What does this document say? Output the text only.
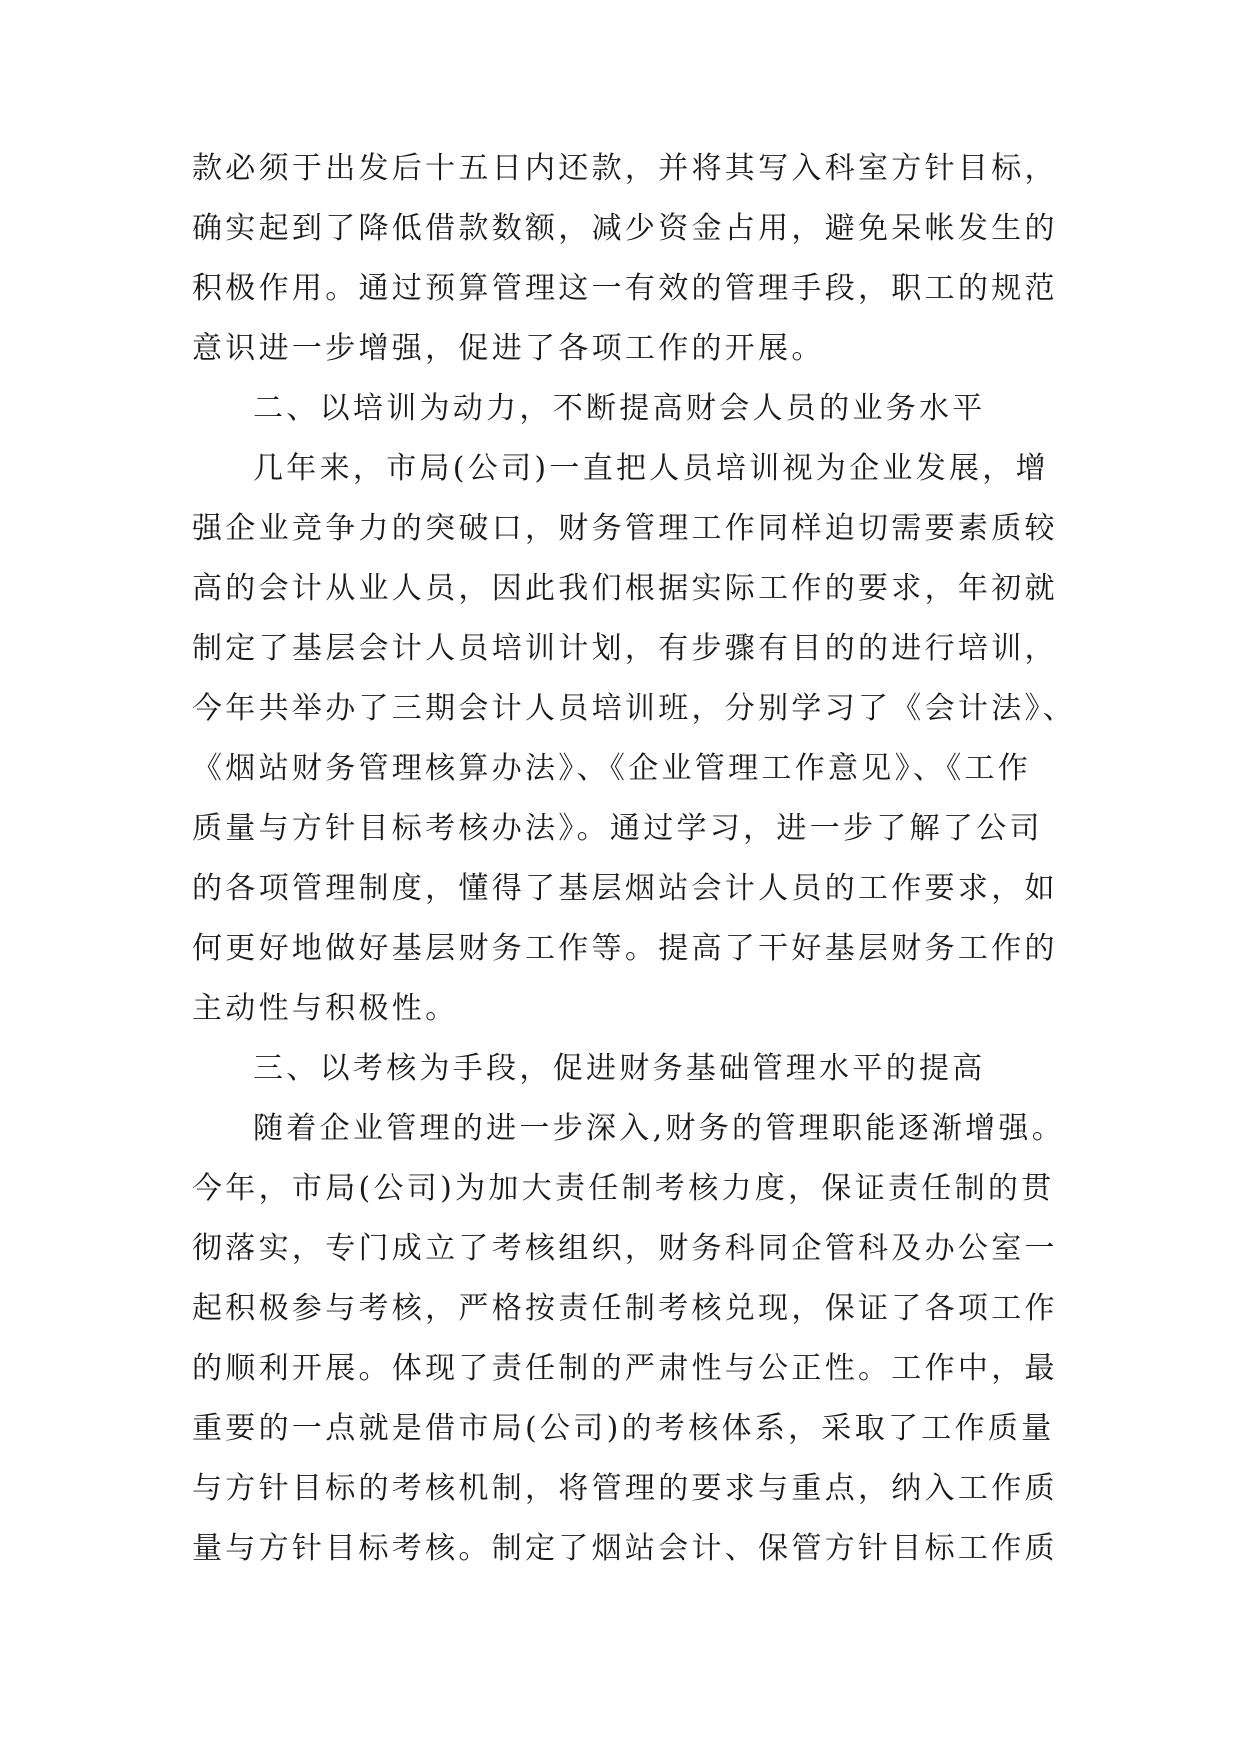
款必须于出发后十五日内还款，并将其写入科室方针目标，
确实起到了降低借款数额，减少资金占用，避免呆帐发生的
积极作用。通过预算管理这一有效的管理手段，职工的规范
意识进一步增强，促进了各项工作的开展。
二、以培训为动力，不断提高财会人员的业务水平
几年来，市局(公司)一直把人员培训视为企业发展，增
强企业竞争力的突破口，财务管理工作同样迫切需要素质较
高的会计从业人员，因此我们根据实际工作的要求，年初就
制定了基层会计人员培训计划，有步骤有目的的进行培训，
今年共举办了三期会计人员培训班，分别学习了《会计法》、
《烟站财务管理核算办法》、《企业管理工作意见》、《工作
质量与方针目标考核办法》。通过学习，进一步了解了公司
的各项管理制度，懂得了基层烟站会计人员的工作要求，如
何更好地做好基层财务工作等。提高了干好基层财务工作的
主动性与积极性。
三、以考核为手段，促进财务基础管理水平的提高
随着企业管理的进一步深入,财务的管理职能逐渐增强。
今年，市局(公司)为加大责任制考核力度，保证责任制的贯
彻落实，专门成立了考核组织，财务科同企管科及办公室一
起积极参与考核，严格按责任制考核兑现，保证了各项工作
的顺利开展。体现了责任制的严肃性与公正性。工作中，最
重要的一点就是借市局(公司)的考核体系，采取了工作质量
与方针目标的考核机制，将管理的要求与重点，纳入工作质
量与方针目标考核。制定了烟站会计、保管方针目标工作质
